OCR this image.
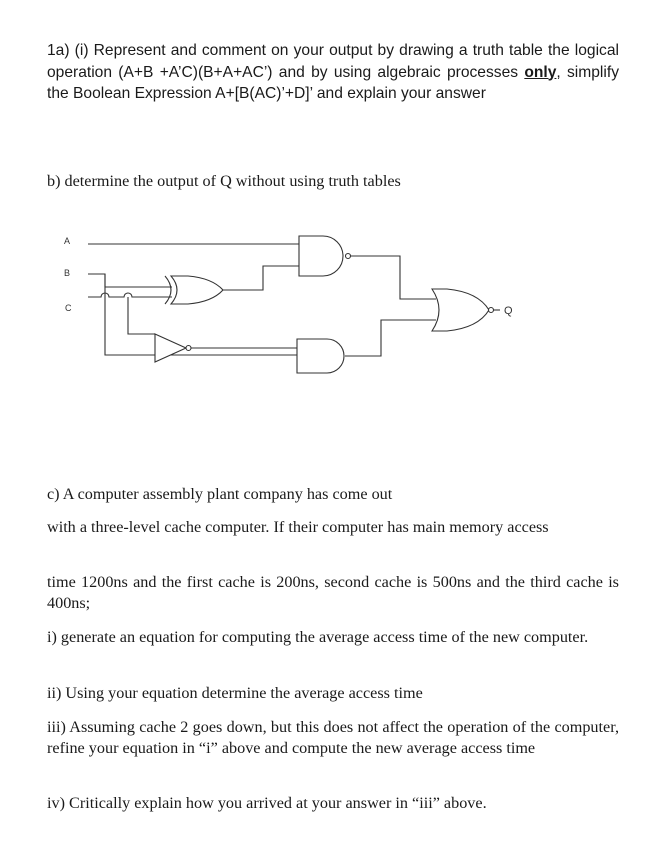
1a) (i) Represent and comment on your output by drawing a truth table the logical operation (A+B +A’C)(B+A+AC’) and by using algebraic processes only, simplify the Boolean Expression A+[B(AC)’+D]’ and explain your answer
b) determine the output of Q without using truth tables
A
B
C	Q
c) A computer assembly plant company has come out
with a three-level cache computer. If their computer has main memory access
time 1200ns and the first cache is 200ns, second cache is 500ns and the third cache is 400ns;
i) generate an equation for computing the average access time of the new computer.
ii) Using your equation determine the average access time
iii) Assuming cache 2 goes down, but this does not affect the operation of the computer, refine your equation in “i” above and compute the new average access time
iv) Critically explain how you arrived at your answer in “iii” above.
